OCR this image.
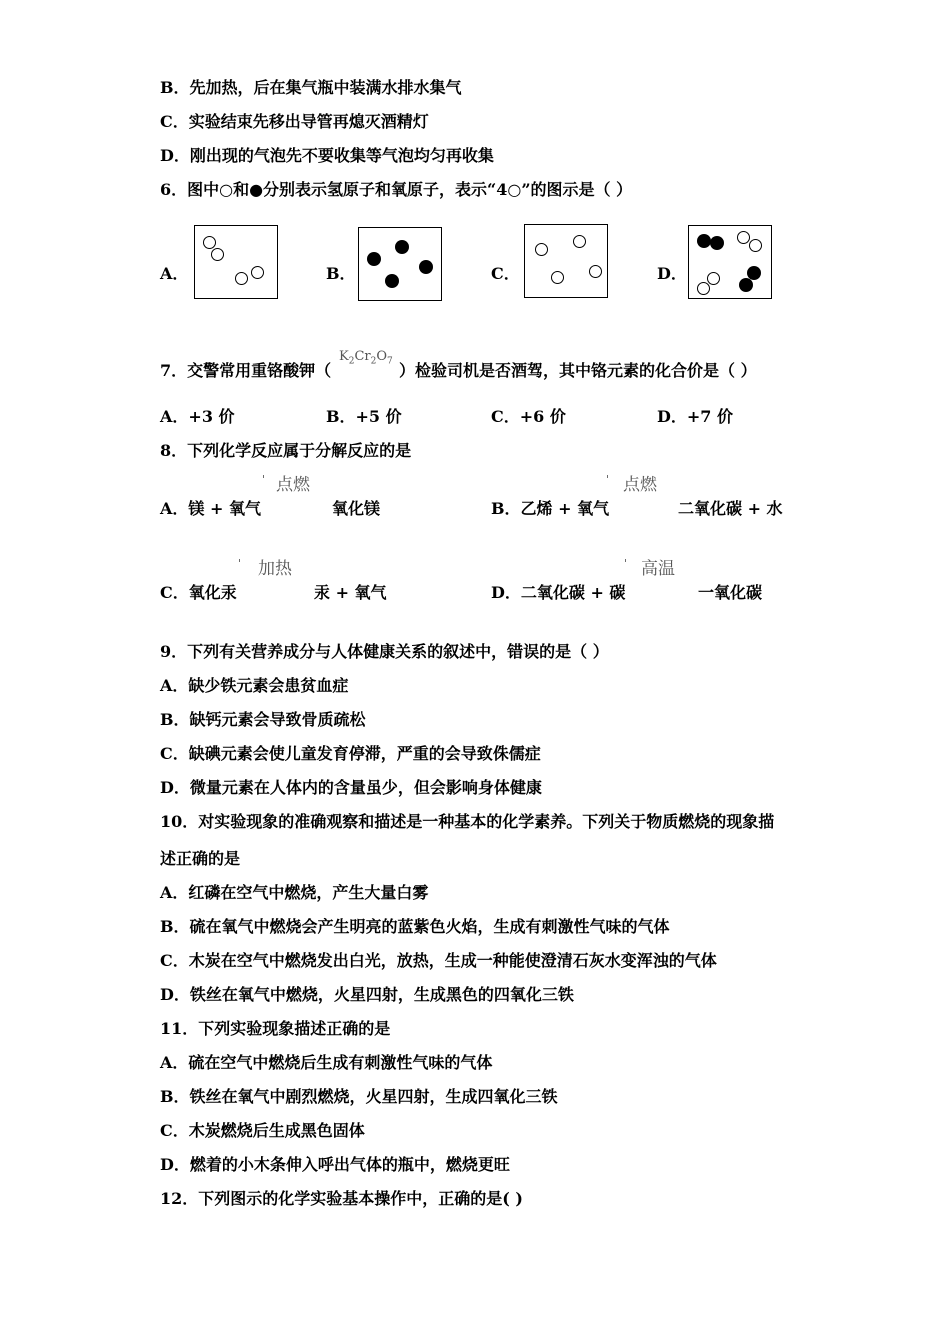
B．先加热，后在集气瓶中装满水排水集气
C．实验结束先移出导管再熄灭酒精灯
D．刚出现的气泡先不要收集等气泡均匀再收集
6．图中○和●分别表示氢原子和氧原子，表示“4○”的图示是（ ）
A．	B．	C．	D．
7．交警常用重铬酸钾（
$K_2Cr_2O_7$ ）检验司机是否酒驾，其中铬元素的化合价是（ ）
A．+3 价	B．+5 价	C．+6 价	D．+7 价
8．下列化学反应属于分解反应的是
' 点燃
A．镁 + 氧气	氧化镁
' 点燃
B．乙烯 + 氧气	二氧化碳 + 水
' 加热
C．氧化汞	汞 + 氧气
' 高温
D．二氧化碳 + 碳	一氧化碳
9．下列有关营养成分与人体健康关系的叙述中，错误的是（ ）
A．缺少铁元素会患贫血症
B．缺钙元素会导致骨质疏松
C．缺碘元素会使儿童发育停滞，严重的会导致侏儒症
D．微量元素在人体内的含量虽少，但会影响身体健康
10．对实验现象的准确观察和描述是一种基本的化学素养。下列关于物质燃烧的现象描
述正确的是
A．红磷在空气中燃烧，产生大量白雾
B．硫在氧气中燃烧会产生明亮的蓝紫色火焰，生成有刺激性气味的气体
C．木炭在空气中燃烧发出白光，放热，生成一种能使澄清石灰水变浑浊的气体
D．铁丝在氧气中燃烧，火星四射，生成黑色的四氧化三铁
11．下列实验现象描述正确的是
A．硫在空气中燃烧后生成有刺激性气味的气体
B．铁丝在氧气中剧烈燃烧，火星四射，生成四氧化三铁
C．木炭燃烧后生成黑色固体
D．燃着的小木条伸入呼出气体的瓶中，燃烧更旺
12．下列图示的化学实验基本操作中，正确的是( )
